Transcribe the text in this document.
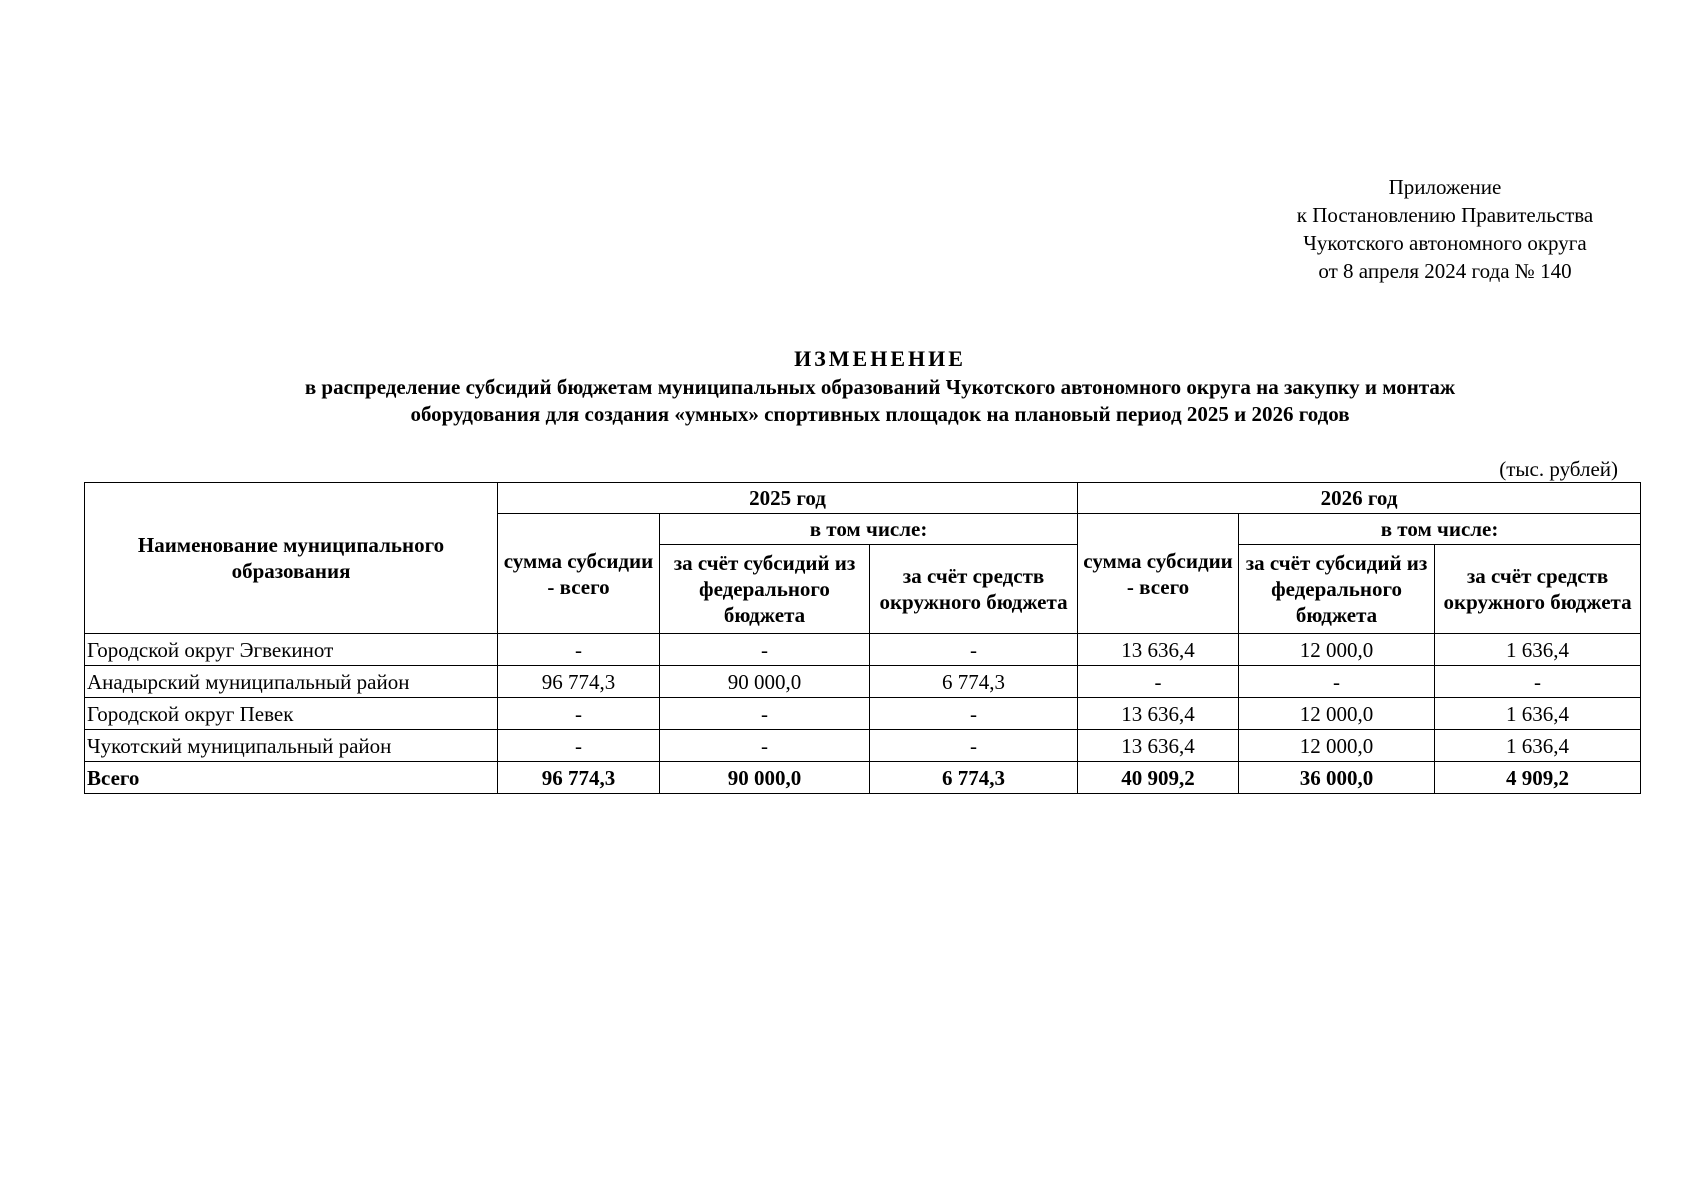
Приложение
к Постановлению Правительства
Чукотского автономного округа
от 8 апреля 2024 года № 140
ИЗМЕНЕНИЕ
в распределение субсидий бюджетам муниципальных образований Чукотского автономного округа на закупку и монтаж
оборудования для создания «умных» спортивных площадок на плановый период 2025 и 2026 годов
(тыс. рублей)
Наименование муниципального образования	2025 год			2026 год		
	сумма субсидии - всего	в том числе:		сумма субсидии - всего	в том числе:	
		за счёт субсидий из федерального бюджета	за счёт средств окружного бюджета		за счёт субсидий из федерального бюджета	за счёт средств окружного бюджета
Городской округ Эгвекинот	-	-	-	13 636,4	12 000,0	1 636,4
Анадырский муниципальный район	96 774,3	90 000,0	6 774,3	-	-	-
Городской округ Певек	-	-	-	13 636,4	12 000,0	1 636,4
Чукотский муниципальный район	-	-	-	13 636,4	12 000,0	1 636,4
Всего	96 774,3	90 000,0	6 774,3	40 909,2	36 000,0	4 909,2
